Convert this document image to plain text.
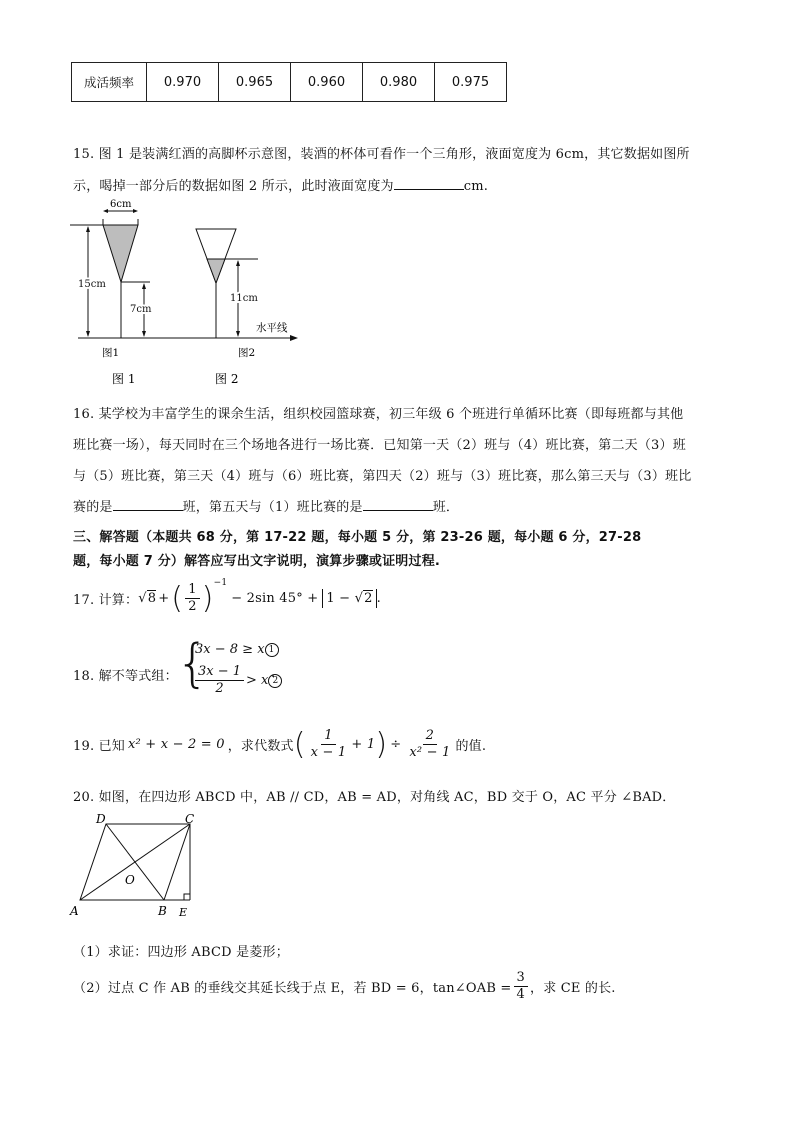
成活频率	0.970	0.965	0.960	0.980	0.975
15. 图 1 是装满红酒的高脚杯示意图，装酒的杯体可看作一个三角形，液面宽度为 6cm，其它数据如图所
示，喝掉一部分后的数据如图 2 所示，此时液面宽度为	cm.
6cm
15cm
7cm
11cm
水平线
图1	图2
图 1	图 2
16. 某学校为丰富学生的课余生活，组织校园篮球赛，初三年级 6 个班进行单循环比赛（即每班都与其他
班比赛一场），每天同时在三个场地各进行一场比赛．已知第一天（2）班与（4）班比赛，第二天（3）班
与（5）班比赛，第三天（4）班与（6）班比赛，第四天（2）班与（3）班比赛，那么第三天与（3）班比
赛的是	班，第五天与（1）班比赛的是	班．
三、解答题（本题共 68 分，第 17-22 题，每小题 5 分，第 23-26 题，每小题 6 分，27-28
题，每小题 7 分）解答应写出文字说明，演算步骤或证明过程.
17. 计算： √8 + ( $\frac{1}{2} )^{-1}$
− 2sin 45° + 1 − √2 .
18. 解不等式组：
{
3x − 8 ≥ x 1
$\frac{3x - 1}{2} > x$ 2
.
19. 已知 x² + x − 2 = 0 ，求代数式 ( $\frac{1}{x - 1} + 1$ ) ÷ $\frac{2}{\text{x² − 1}}$ 的值.
20. 如图，在四边形 ABCD 中，AB // CD，AB = AD，对角线 AC，BD 交于 O，AC 平分 ∠BAD．
A	B
C
D
E
O
（1）求证：四边形 ABCD 是菱形；
（2）过点 C 作 AB 的垂线交其延长线于点 E，若 BD = 6，tan∠OAB = $\frac{3}{4}$ ，求 CE 的长.
